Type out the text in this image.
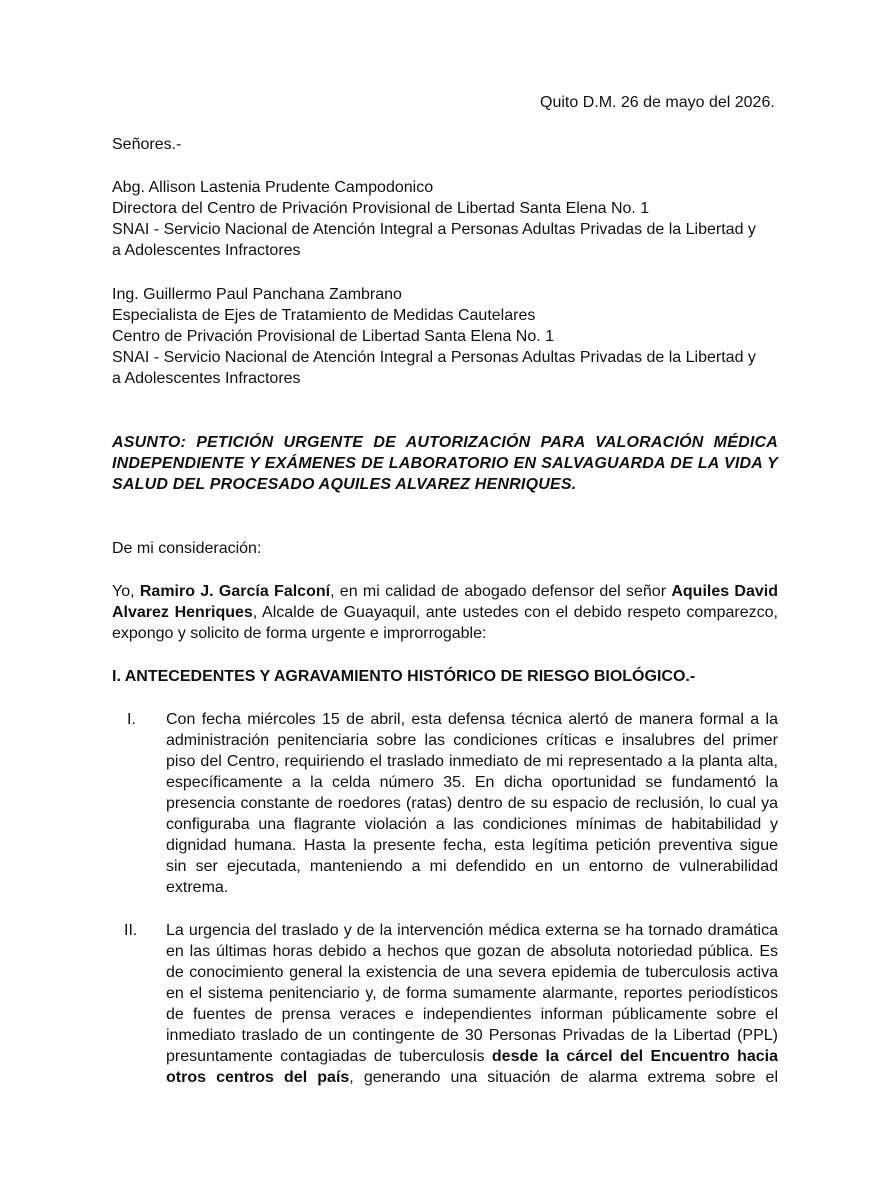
Quito D.M. 26 de mayo del 2026.
Señores.-
Abg. Allison Lastenia Prudente Campodonico
Directora del Centro de Privación Provisional de Libertad Santa Elena No. 1
SNAI - Servicio Nacional de Atención Integral a Personas Adultas Privadas de la Libertad y
a Adolescentes Infractores
Ing. Guillermo Paul Panchana Zambrano
Especialista de Ejes de Tratamiento de Medidas Cautelares
Centro de Privación Provisional de Libertad Santa Elena No. 1
SNAI - Servicio Nacional de Atención Integral a Personas Adultas Privadas de la Libertad y
a Adolescentes Infractores
ASUNTO: PETICIÓN URGENTE DE AUTORIZACIÓN PARA VALORACIÓN MÉDICA
INDEPENDIENTE Y EXÁMENES DE LABORATORIO EN SALVAGUARDA DE LA VIDA Y
SALUD DEL PROCESADO AQUILES ALVAREZ HENRIQUES.
De mi consideración:
Yo, Ramiro J. García Falconí, en mi calidad de abogado defensor del señor Aquiles David
Alvarez Henriques, Alcalde de Guayaquil, ante ustedes con el debido respeto comparezco,
expongo y solicito de forma urgente e improrrogable:
I. ANTECEDENTES Y AGRAVAMIENTO HISTÓRICO DE RIESGO BIOLÓGICO.-
I. Con fecha miércoles 15 de abril, esta defensa técnica alertó de manera formal a la
administración penitenciaria sobre las condiciones críticas e insalubres del primer
piso del Centro, requiriendo el traslado inmediato de mi representado a la planta alta,
específicamente a la celda número 35. En dicha oportunidad se fundamentó la
presencia constante de roedores (ratas) dentro de su espacio de reclusión, lo cual ya
configuraba una flagrante violación a las condiciones mínimas de habitabilidad y
dignidad humana. Hasta la presente fecha, esta legítima petición preventiva sigue
sin ser ejecutada, manteniendo a mi defendido en un entorno de vulnerabilidad
extrema.
II. La urgencia del traslado y de la intervención médica externa se ha tornado dramática
en las últimas horas debido a hechos que gozan de absoluta notoriedad pública. Es
de conocimiento general la existencia de una severa epidemia de tuberculosis activa
en el sistema penitenciario y, de forma sumamente alarmante, reportes periodísticos
de fuentes de prensa veraces e independientes informan públicamente sobre el
inmediato traslado de un contingente de 30 Personas Privadas de la Libertad (PPL)
presuntamente contagiadas de tuberculosis desde la cárcel del Encuentro hacia
otros centros del país, generando una situación de alarma extrema sobre el
